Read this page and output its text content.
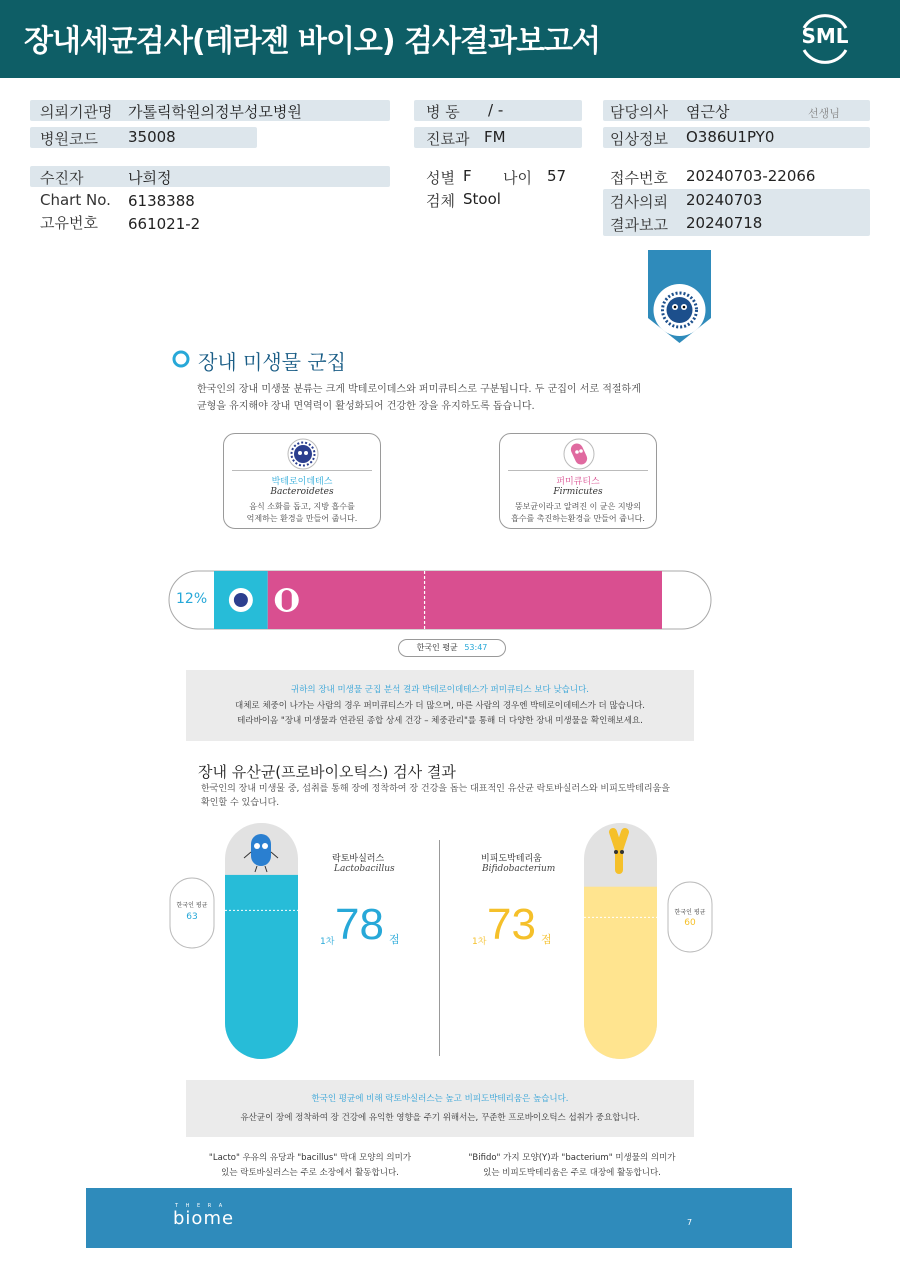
장내세균검사(테라젠 바이오) 검사결과보고서	SML
의뢰기관명 가톨릭학원의정부성모병원
병원코드 35008
병 동 / -
진료과 FM
담당의사 염근상	선생님
임상정보 O386U1PY0
수진자	나희정
Chart No. 6138388
고유번호 661021-2
성별 F 나이 57
검체 Stool
접수번호 20240703-22066
검사의뢰 20240703
결과보고 20240718
장내 미생물 군집
한국인의 장내 미생물 분류는 크게 박테로이데스와 퍼미큐티스로 구분됩니다. 두 군집이 서로 적절하게
균형을 유지해야 장내 면역력이 활성화되어 건강한 장을 유지하도록 돕습니다.
박테로이데테스
Bacteroidetes
음식 소화를 돕고, 지방 흡수를
억제하는 환경을 만들어 줍니다.
퍼미큐티스
Firmicutes
뚱보균이라고 알려진 이 균은 지방의
흡수를 촉진하는환경을 만들어 줍니다.
12%	88%
한국인 평균 53:47
귀하의 장내 미생물 군집 분석 결과 박테로이데테스가 퍼미큐티스 보다 낮습니다.
대체로 체중이 나가는 사람의 경우 퍼미큐티스가 더 많으며, 마른 사람의 경우엔 박테로이데테스가 더 많습니다.
테라바이옴 "장내 미생물과 연관된 종합 상세 건강 – 체중관리"를 통해 더 다양한 장내 미생물을 확인해보세요.
장내 유산균(프로바이오틱스) 검사 결과
한국인의 장내 미생물 중, 섭취를 통해 장에 정착하여 장 건강을 돕는 대표적인 유산균 락토바실러스와 비피도박테리움을
확인할 수 있습니다.
한국인 평균
63
락토바실러스
Lactobacillus
1차 78 점
비피도박테리움
Bifidobacterium
1차 73 점
한국인 평균
60
한국인 평균에 비해 락토바실러스는 높고 비피도박테리움은 높습니다.
유산균이 장에 정착하여 장 건강에 유익한 영향을 주기 위해서는, 꾸준한 프로바이오틱스 섭취가 중요합니다.
"Lacto" 우유의 유당과 "bacillus" 막대 모양의 의미가
있는 락토바실러스는 주로 소장에서 활동합니다.
"Bifido" 가지 모양(Y)과 "bacterium" 미생물의 의미가
있는 비피도박테리움은 주로 대장에 활동합니다.
T H E R A
biome	7
